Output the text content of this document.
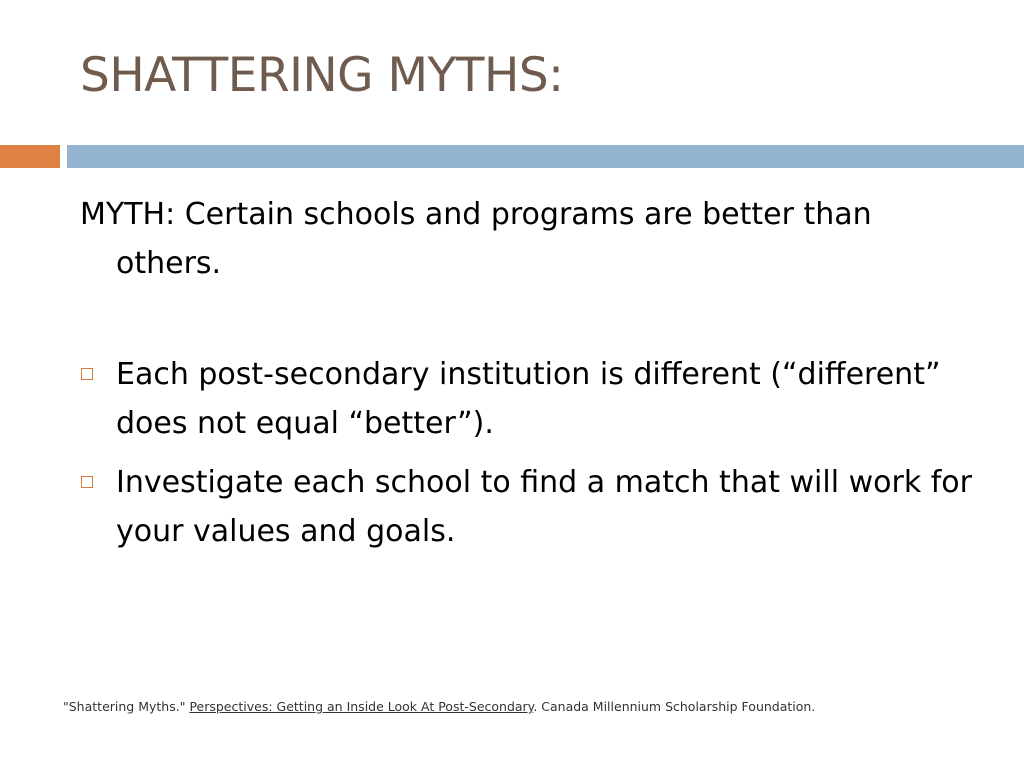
SHATTERING MYTHS:

MYTH: Certain schools and programs are better than others.

Each post-secondary institution is different (“different” does not equal “better”).
Investigate each school to find a match that will work for your values and goals.
"Shattering Myths." Perspectives: Getting an Inside Look At Post-Secondary. Canada Millennium Scholarship Foundation.
